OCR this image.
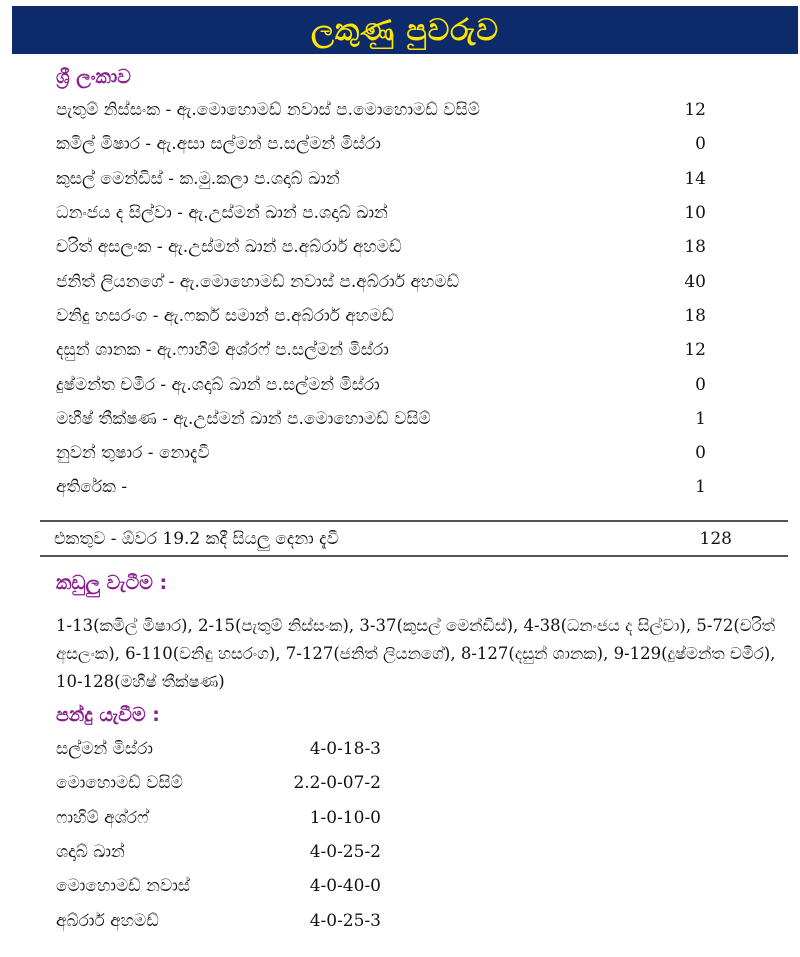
ලකුණු පුවරුව
ශ්‍රී ලංකාව
පැතුම් නිස්සංක - ඇ.මොහොමඩ් නවාස් ප.මොහොමඩ් වසිම්	12
කමිල් මිෂාර - ඇ.අසා සල්මන් ප.සල්මන් මිස්රා	0
කුසල් මෙන්ඩිස් - ක.මු.කලා ප.ශදාබ් ඛාන්	14
ධනංජය ද සිල්වා - ඇ.උස්මන් ඛාන් ප.ශදාබ් ඛාන්	10
චරිත් අසලංක - ඇ.උස්මන් ඛාන් ප.අබ්රාර් අහමඩ්	18
ජනිත් ලියනගේ - ඇ.මොහොමඩ් නවාස් ප.අබ්රාර් අහමඩ්	40
වනිදු හසරංග - ඇ.ෆකර් සමාන් ප.අබ්රාර් අහමඩ්	18
දසුන් ශානක - ඇ.ෆාහිම් අශ්රෆ් ප.සල්මන් මිස්රා	12
දුෂ්මන්ත චමීර - ඇ.ශදාබ් ඛාන් ප.සල්මන් මිස්රා	0
මහීෂ් තීක්ෂණ - ඇ.උස්මන් ඛාන් ප.මොහොමඩ් වසිම්	1
නුවන් තුෂාර - නොදැවී	0
අතිරේක -	1
එකතුව - ඕවර 19.2 කදී සියලු දෙනා දැවී	128
කඩුලු වැටීම :
1-13(කමිල් මිෂාර), 2-15(පැතුම් නිස්සංක), 3-37(කුසල් මෙන්ඩිස්), 4-38(ධනංජය ද සිල්වා), 5-72(චරිත් අසලංක), 6-110(වනිඳු හසරංග), 7-127(ජනිත් ලියනගේ), 8-127(දසුන් ශානක), 9-129(දුෂ්මන්ත චමීර), 10-128(මහීෂ් තීක්ෂණ)
පන්දු යැවීම :
සල්මන් මිස්රා	4-0-18-3
මොහොමඩ් වසිම්	2.2-0-07-2
ෆාහිම් අශ්රෆ්	1-0-10-0
ශදාබ් ඛාන්	4-0-25-2
මොහොමඩ් නවාස්	4-0-40-0
අබ්රාර් අහමඩ්	4-0-25-3
